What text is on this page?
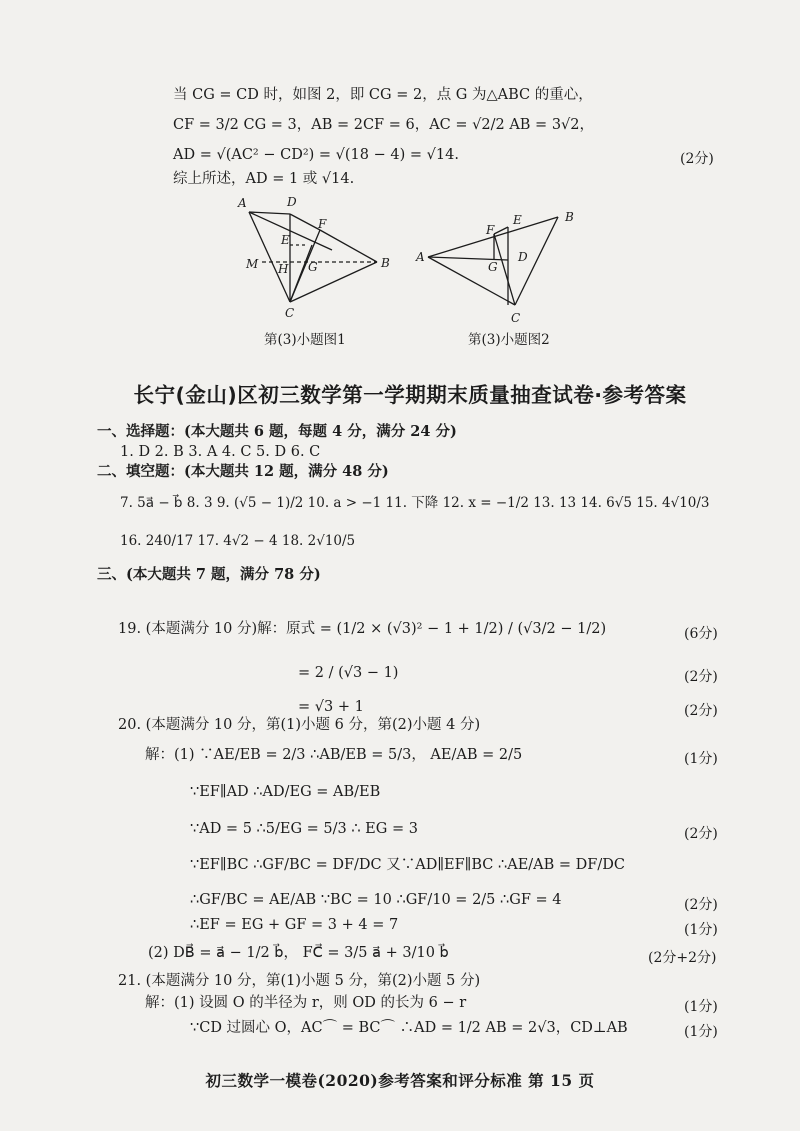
当 CG = CD 时，如图 2，即 CG = 2，点 G 为△ABC 的重心，
CF = 3/2 CG = 3，AB = 2CF = 6，AC = √2/2 AB = 3√2，
AD = √(AC² − CD²) = √(18 − 4) = √14.	(2分)
综上所述，AD = 1 或 √14.
A	D
E
F
M H G	B
C
第(3)小题图1
A
F
E	B
G
D
C
第(3)小题图2
长宁(金山)区初三数学第一学期期末质量抽查试卷·参考答案
一、选择题：(本大题共 6 题，每题 4 分，满分 24 分)
1. D 2. B 3. A 4. C 5. D 6. C
二、填空题：(本大题共 12 题，满分 48 分)
7. 5a⃗ − b⃗ 8. 3 9. (√5 − 1)/2 10. a > −1 11. 下降 12. x = −1/2 13. 13 14. 6√5 15. 4√10/3
16. 240/17 17. 4√2 − 4 18. 2√10/5
三、(本大题共 7 题，满分 78 分)
19. (本题满分 10 分)解：原式 = (1/2 × (√3)² − 1 + 1/2) / (√3/2 − 1/2)	(6分)
= 2 / (√3 − 1)	(2分)
= √3 + 1	(2分)
20. (本题满分 10 分，第(1)小题 6 分，第(2)小题 4 分)
解：(1) ∵AE/EB = 2/3 ∴AB/EB = 5/3， AE/AB = 2/5	(1分)
∵EF∥AD ∴AD/EG = AB/EB
∵AD = 5 ∴5/EG = 5/3 ∴ EG = 3	(2分)
∵EF∥BC ∴GF/BC = DF/DC 又∵AD∥EF∥BC ∴AE/AB = DF/DC
∴GF/BC = AE/AB ∵BC = 10 ∴GF/10 = 2/5 ∴GF = 4	(2分)
∴EF = EG + GF = 3 + 4 = 7	(1分)
(2) DB⃗ = a⃗ − 1/2 b⃗， FC⃗ = 3/5 a⃗ + 3/10 b⃗	(2分+2分)
21. (本题满分 10 分，第(1)小题 5 分，第(2)小题 5 分)
解：(1) 设圆 O 的半径为 r，则 OD 的长为 6 − r	(1分)
∵CD 过圆心 O，AC⌒ = BC⌒ ∴AD = 1/2 AB = 2√3，CD⊥AB	(1分)
初三数学一模卷(2020)参考答案和评分标准 第 15 页
